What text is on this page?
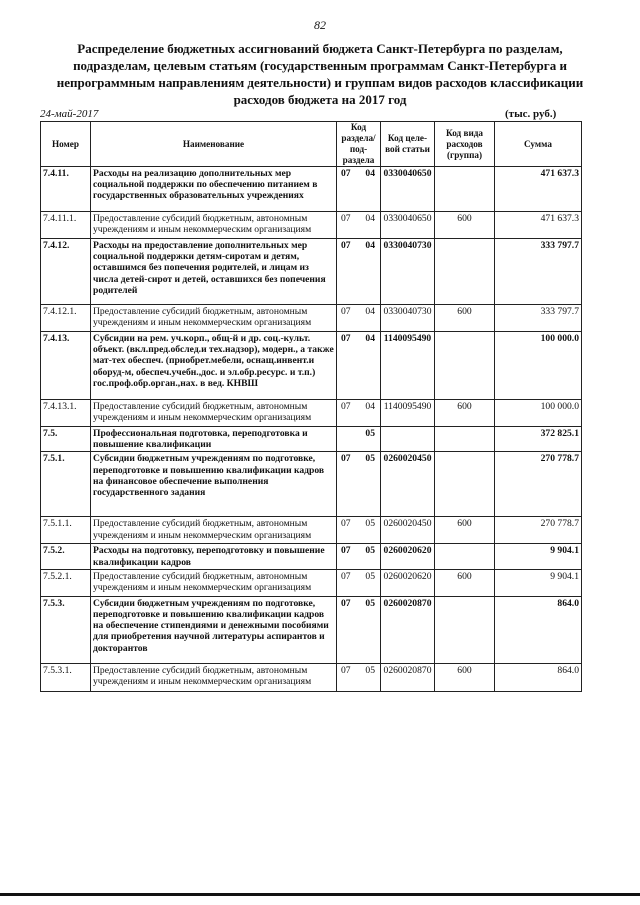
82
Распределение бюджетных ассигнований бюджета Санкт-Петербурга по разделам, подразделам, целевым статьям (государственным программам Санкт-Петербурга и непрограммным направлениям деятельности) и группам видов расходов классификации расходов бюджета на 2017 год
24-май-2017	(тыс. руб.)
Номер	Наименование	Код раздела/ под- раздела	Код целе- вой статьи	Код вида расходов (группа)	Сумма
7.4.11.	Расходы на реализацию дополнительных мер социальной поддержки по обеспечению питанием в государственных образовательных учреждениях	07 04	0330040650		471 637.3
7.4.11.1.	Предоставление субсидий бюджетным, автономным учреждениям и иным некоммерческим организациям	07 04	0330040650	600	471 637.3
7.4.12.	Расходы на предоставление дополнительных мер социальной поддержки детям-сиротам и детям, оставшимся без попечения родителей, и лицам из числа детей-сирот и детей, оставшихся без попечения родителей	07 04	0330040730		333 797.7
7.4.12.1.	Предоставление субсидий бюджетным, автономным учреждениям и иным некоммерческим организациям	07 04	0330040730	600	333 797.7
7.4.13.	Субсидии на рем. уч.корп., общ-й и др. соц.-культ. объект. (вкл.пред.обслед.и тех.надзор), модерн., а также мат-тех обеспеч. (приобрет.мебели, оснащ.инвент.и оборуд-м, обеспеч.учебн.,доc. и эл.обр.ресурс. и т.п.) гос.проф.обр.орган.,нах. в вед. КНВШ	07 04	1140095490		100 000.0
7.4.13.1.	Предоставление субсидий бюджетным, автономным учреждениям и иным некоммерческим организациям	07 04	1140095490	600	100 000.0
7.5.	Профессиональная подготовка, переподготовка и повышение квалификации	05			372 825.1
7.5.1.	Субсидии бюджетным учреждениям по подготовке, переподготовке и повышению квалификации кадров на финансовое обеспечение выполнения государственного задания	07 05	0260020450		270 778.7
7.5.1.1.	Предоставление субсидий бюджетным, автономным учреждениям и иным некоммерческим организациям	07 05	0260020450	600	270 778.7
7.5.2.	Расходы на подготовку, переподготовку и повышение квалификации кадров	07 05	0260020620		9 904.1
7.5.2.1.	Предоставление субсидий бюджетным, автономным учреждениям и иным некоммерческим организациям	07 05	0260020620	600	9 904.1
7.5.3.	Субсидии бюджетным учреждениям по подготовке, переподготовке и повышению квалификации кадров на обеспечение стипендиями и денежными пособиями для приобретения научной литературы аспирантов и докторантов	07 05	0260020870		864.0
7.5.3.1.	Предоставление субсидий бюджетным, автономным учреждениям и иным некоммерческим организациям	07 05	0260020870	600	864.0
